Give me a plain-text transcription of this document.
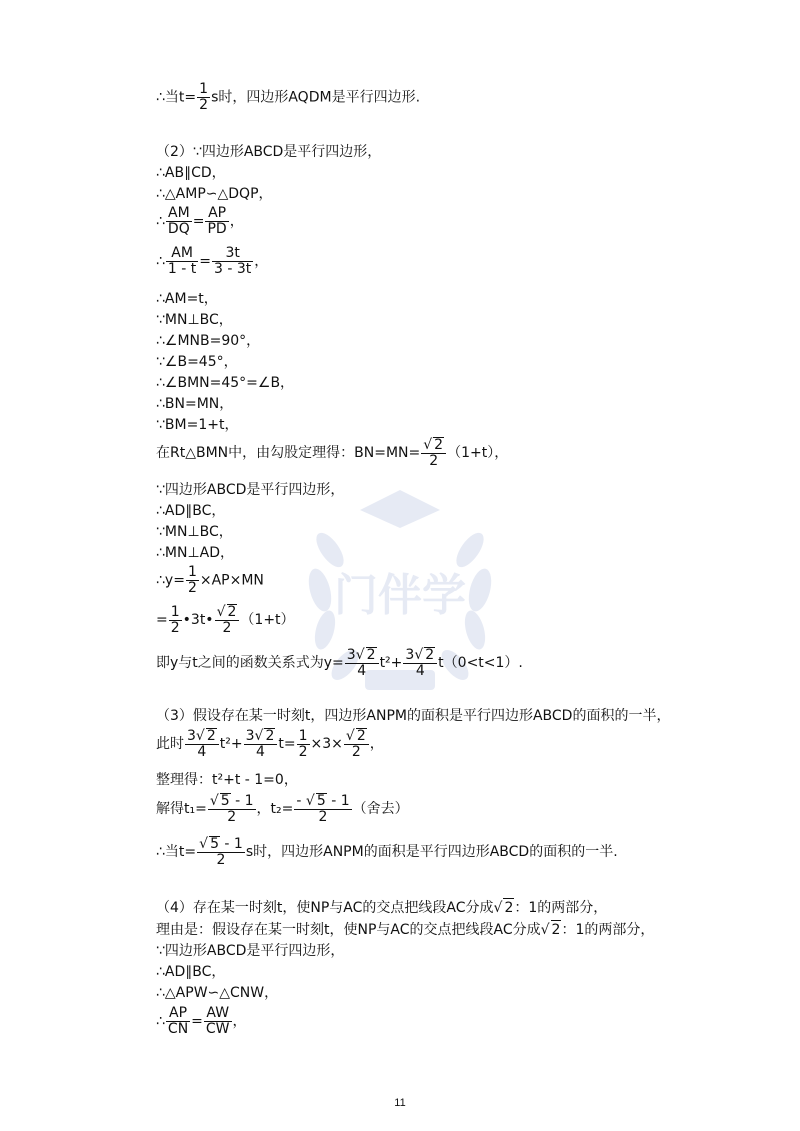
门伴学
∴当$t= \frac{1}{2}$ s时，四边形AQDM是平行四边形.
（2）∵四边形ABCD是平行四边形，
∴AB∥CD，
∴△AMP∽△DQP，
∴ $\frac{AM}{DQ} = \frac{AP}{PD}$ ，
∴ $\frac{AM}{1 - t} = \frac{3t}{3 - 3t}$ ，
∴AM=t，
∵MN⊥BC，
∴∠MNB=90°，
∵∠B=45°，
∴∠BMN=45°=∠B，
∴BN=MN，
∵BM=1+t，
在Rt△BMN中，由勾股定理得：$BN=MN= \frac{√ 2}{2} (1+t)$，
∵四边形ABCD是平行四边形，
∴AD∥BC，
∵MN⊥BC，
∴MN⊥AD，
∴y= $\frac{1}{2} \times AP\times MN$
= $\frac{1}{2}$ •3t• $\frac{√ 2}{2} (1+t)$
即y与t之间的函数关系式为$y= \frac{3√ 2}{4} t^2+ \frac{3√ 2}{4} t(0<t<1)$.
（3）假设存在某一时刻t，四边形ANPM的面积是平行四边形ABCD的面积的一半，
此时 $\frac{3√ 2}{4} t^2+ \frac{3√ 2}{4} t= \frac{1}{2} \times 3\times \frac{√ 2}{2}$ ，
整理得：t²+t - 1=0，
解得$t_1= \frac{√ 5 - 1}{2}$ ，$t_2= \frac{- √ 5 - 1}{2}$ （舍去）
∴当$t= \frac{√ 5 - 1}{2}$ s时，四边形ANPM的面积是平行四边形ABCD的面积的一半.
（4）存在某一时刻t，使NP与AC的交点把线段AC分成√ 2：1的两部分，
理由是：假设存在某一时刻t，使NP与AC的交点把线段AC分成√ 2：1的两部分，
∵四边形ABCD是平行四边形，
∴AD∥BC，
∴△APW∽△CNW，
∴ $\frac{AP}{CN} = \frac{AW}{CW}$ ，
11
